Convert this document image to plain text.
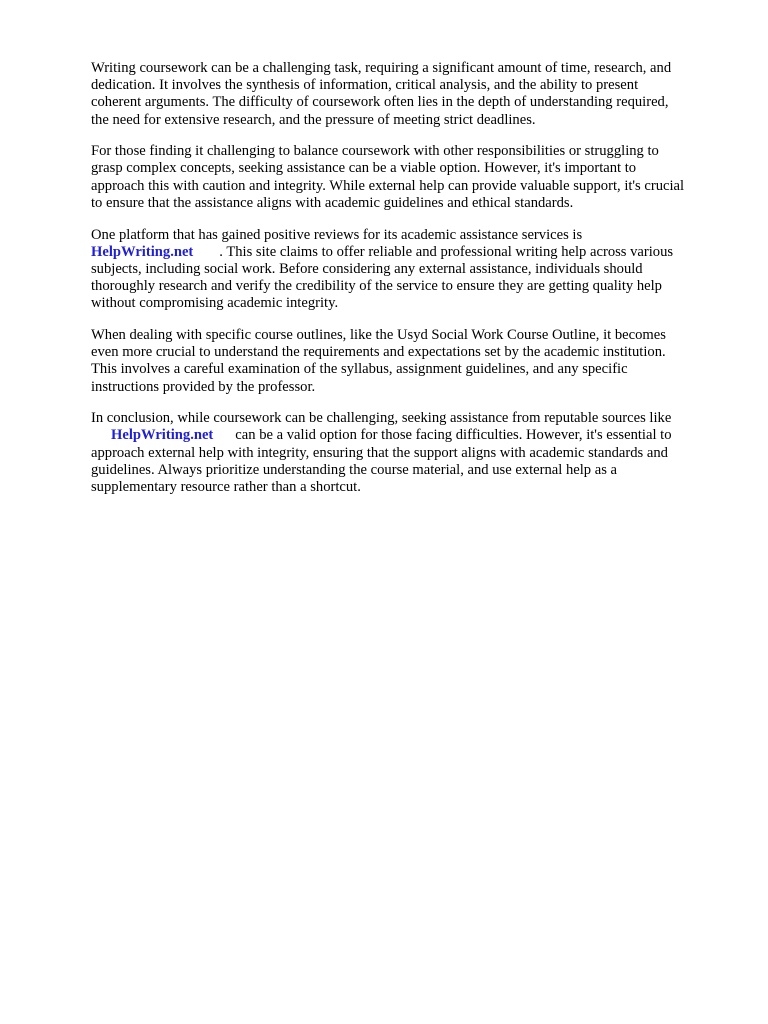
Writing coursework can be a challenging task, requiring a significant amount of time, research, and
dedication. It involves the synthesis of information, critical analysis, and the ability to present
coherent arguments. The difficulty of coursework often lies in the depth of understanding required,
the need for extensive research, and the pressure of meeting strict deadlines.

For those finding it challenging to balance coursework with other responsibilities or struggling to
grasp complex concepts, seeking assistance can be a viable option. However, it's important to
approach this with caution and integrity. While external help can provide valuable support, it's crucial
to ensure that the assistance aligns with academic guidelines and ethical standards.

One platform that has gained positive reviews for its academic assistance services is
HelpWriting.net . This site claims to offer reliable and professional writing help across various
subjects, including social work. Before considering any external assistance, individuals should
thoroughly research and verify the credibility of the service to ensure they are getting quality help
without compromising academic integrity.

When dealing with specific course outlines, like the Usyd Social Work Course Outline, it becomes
even more crucial to understand the requirements and expectations set by the academic institution.
This involves a careful examination of the syllabus, assignment guidelines, and any specific
instructions provided by the professor.

In conclusion, while coursework can be challenging, seeking assistance from reputable sources like
HelpWriting.net can be a valid option for those facing difficulties. However, it's essential to
approach external help with integrity, ensuring that the support aligns with academic standards and
guidelines. Always prioritize understanding the course material, and use external help as a
supplementary resource rather than a shortcut.
